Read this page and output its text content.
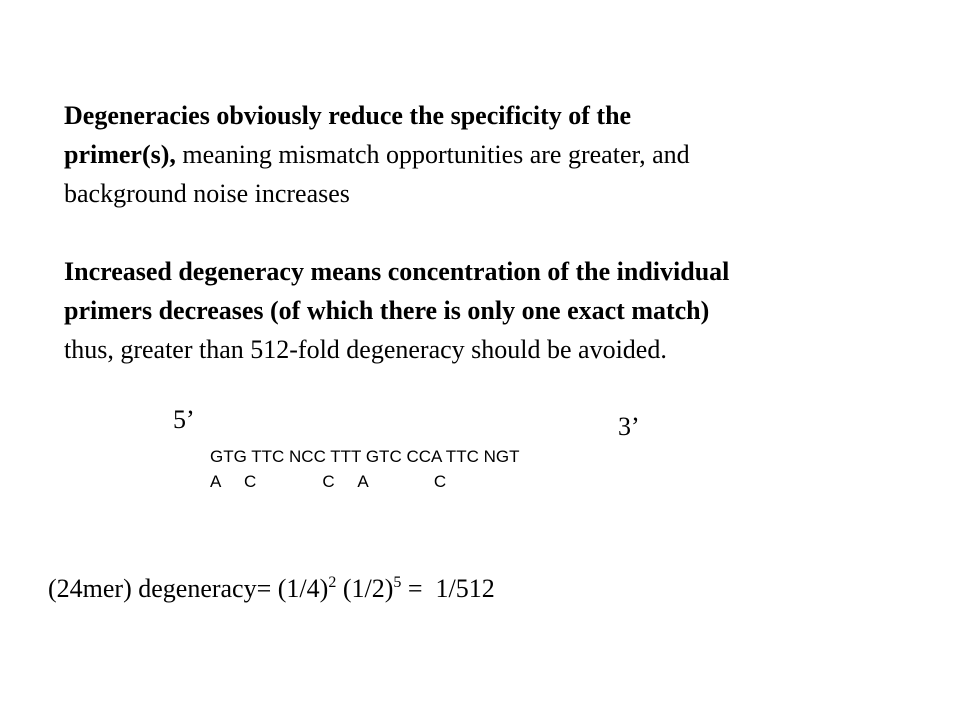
Degeneracies obviously reduce the specificity of the
primer(s), meaning mismatch opportunities are greater, and
background noise increases
Increased degeneracy means concentration of the individual
primers decreases (of which there is only one exact match)
thus, greater than 512-fold degeneracy should be avoided.
5’	3’
GTG TTC NCC TTT GTC CCA TTC NGT
A     C              C     A              C
(24mer) degeneracy= $(1/4)^2$ $(1/2)^5 = 1/512$
